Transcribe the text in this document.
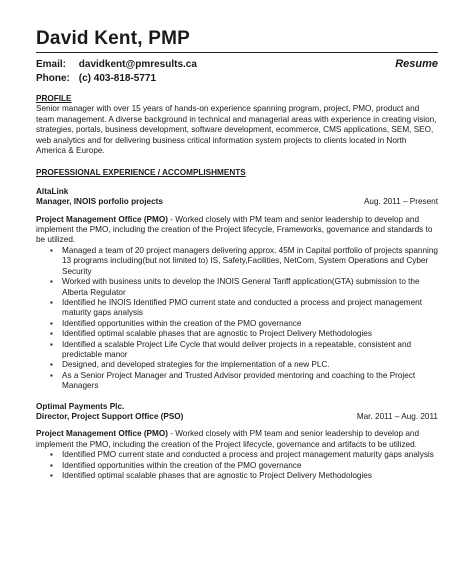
David Kent, PMP
Email: davidkent@pmresults.ca
Phone: (c) 403-818-5771
Resume

PROFILE

Senior manager with over 15 years of hands-on experience spanning program, project, PMO, product and team management. A diverse background in technical and managerial areas with experience in creating vision, strategies, portals, business development, software development, ecommerce, CMS applications, SEM, SEO, web analytics and for delivering business critical information system projects to clients located in North America & Europe.

PROFESSIONAL EXPERIENCE / ACCOMPLISHMENTS

AltaLink
Manager, INOIS porfolio projects	Aug. 2011 – Present

Project Management Office (PMO) - Worked closely with PM team and senior leadership to develop and implement the PMO, including the creation of the Project lifecycle, Frameworks, governance and standards to be utilized.

▪ Managed a team of 20 project managers delivering approx. 45M in Capital portfolio of projects spanning 13 programs including(but not limited to) IS, Safety,Facilities, NetCom, System Operations and Cyber Security
▪ Worked with business units to develop the INOIS General Tariff application(GTA) submission to the Alberta Regulator
▪ Identified he INOIS Identified PMO current state and conducted a process and project management maturity gaps analysis
▪ Identified opportunities within the creation of the PMO governance
▪ Identified optimal scalable phases that are agnostic to Project Delivery Methodologies
▪ Identified a scalable Project Life Cycle that would deliver projects in a repeatable, consistent and predictable manor
▪ Designed, and developed strategies for the implementation of a new PLC.
▪ As a Senior Project Manager and Trusted Advisor provided mentoring and coaching to the Project Managers
Optimal Payments Plc.
Director, Project Support Office (PSO)	Mar. 2011 – Aug. 2011

Project Management Office (PMO) - Worked closely with PM team and senior leadership to develop and implement the PMO, including the creation of the Project lifecycle, governance and artifacts to be utilized.

▪ Identified PMO current state and conducted a process and project management maturity gaps analysis
▪ Identified opportunities within the creation of the PMO governance
▪ Identified optimal scalable phases that are agnostic to Project Delivery Methodologies
